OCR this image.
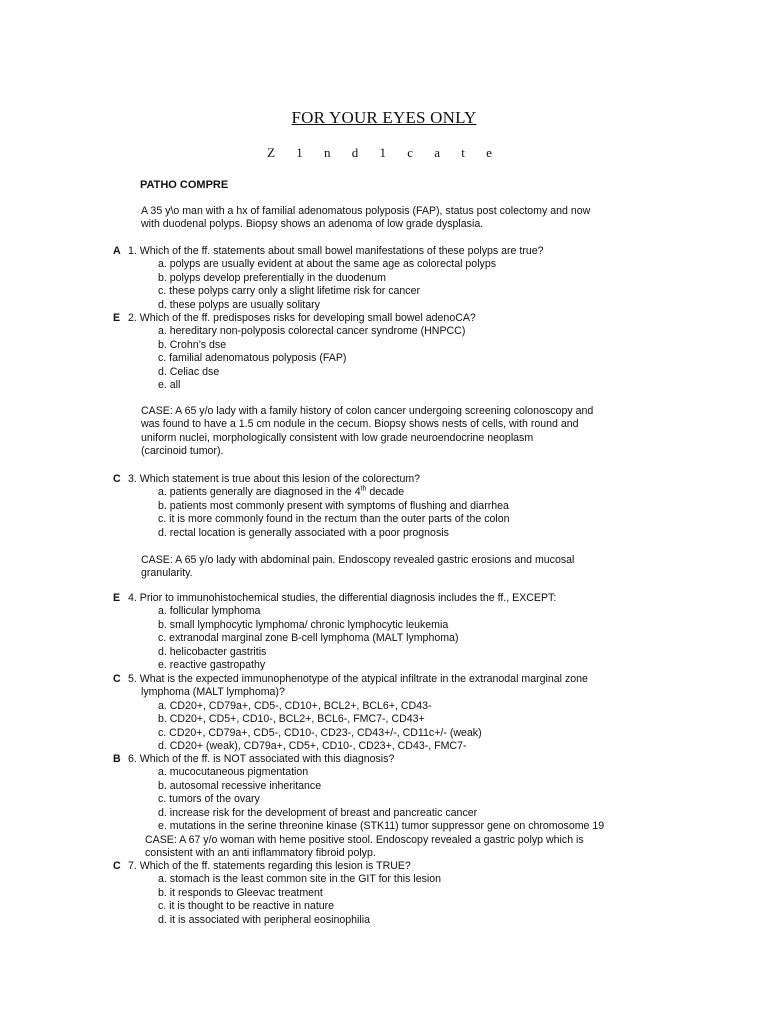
FOR YOUR EYES ONLY
Z 1 n d 1 c a t e
PATHO COMPRE
A 35 y\o man with a hx of familial adenomatous polyposis (FAP), status post colectomy and now
with duodenal polyps. Biopsy shows an adenoma of low grade dysplasia.
A 1. Which of the ff. statements about small bowel manifestations of these polyps are true?
a. polyps are usually evident at about the same age as colorectal polyps
b. polyps develop preferentially in the duodenum
c. these polyps carry only a slight lifetime risk for cancer
d. these polyps are usually solitary
E 2. Which of the ff. predisposes risks for developing small bowel adenoCA?
a. hereditary non-polyposis colorectal cancer syndrome (HNPCC)
b. Crohn’s dse
c. familial adenomatous polyposis (FAP)
d. Celiac dse
e. all
CASE: A 65 y/o lady with a family history of colon cancer undergoing screening colonoscopy and
was found to have a 1.5 cm nodule in the cecum. Biopsy shows nests of cells, with round and
uniform nuclei, morphologically consistent with low grade neuroendocrine neoplasm
(carcinoid tumor).
C 3. Which statement is true about this lesion of the colorectum?
a. patients generally are diagnosed in the 4th decade
b. patients most commonly present with symptoms of flushing and diarrhea
c. it is more commonly found in the rectum than the outer parts of the colon
d. rectal location is generally associated with a poor prognosis
CASE: A 65 y/o lady with abdominal pain. Endoscopy revealed gastric erosions and mucosal
granularity.
E 4. Prior to immunohistochemical studies, the differential diagnosis includes the ff., EXCEPT:
a. follicular lymphoma
b. small lymphocytic lymphoma/ chronic lymphocytic leukemia
c. extranodal marginal zone B-cell lymphoma (MALT lymphoma)
d. helicobacter gastritis
e. reactive gastropathy
C 5. What is the expected immunophenotype of the atypical infiltrate in the extranodal marginal zone
lymphoma (MALT lymphoma)?
a. CD20+, CD79a+, CD5-, CD10+, BCL2+, BCL6+, CD43-
b. CD20+, CD5+, CD10-, BCL2+, BCL6-, FMC7-, CD43+
c. CD20+, CD79a+, CD5-, CD10-, CD23-, CD43+/-, CD11c+/- (weak)
d. CD20+ (weak), CD79a+, CD5+, CD10-, CD23+, CD43-, FMC7-
B 6. Which of the ff. is NOT associated with this diagnosis?
a. mucocutaneous pigmentation
b. autosomal recessive inheritance
c. tumors of the ovary
d. increase risk for the development of breast and pancreatic cancer
e. mutations in the serine threonine kinase (STK11) tumor suppressor gene on chromosome 19
CASE: A 67 y/o woman with heme positive stool. Endoscopy revealed a gastric polyp which is
consistent with an anti inflammatory fibroid polyp.
C 7. Which of the ff. statements regarding this lesion is TRUE?
a. stomach is the least common site in the GIT for this lesion
b. it responds to Gleevac treatment
c. it is thought to be reactive in nature
d. it is associated with peripheral eosinophilia
